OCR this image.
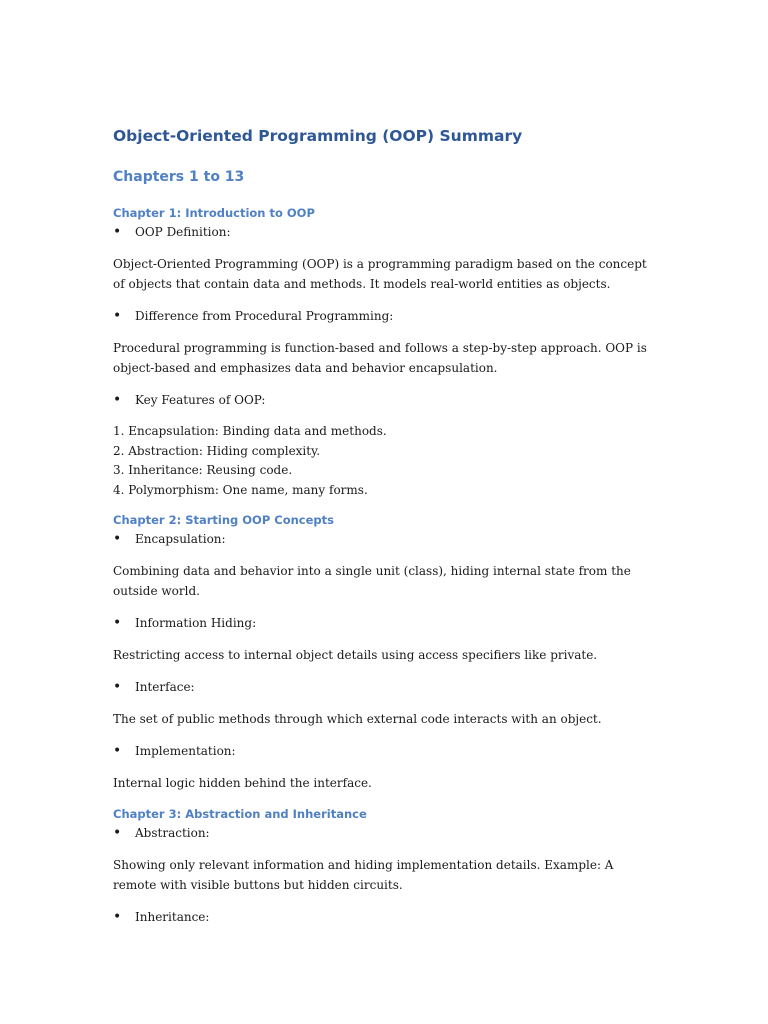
Object-Oriented Programming (OOP) Summary
Chapters 1 to 13
Chapter 1: Introduction to OOP
•	OOP Definition:

Object-Oriented Programming (OOP) is a programming paradigm based on the concept of objects that contain data and methods. It models real-world entities as objects.

•	Difference from Procedural Programming:

Procedural programming is function-based and follows a step-by-step approach. OOP is object-based and emphasizes data and behavior encapsulation.

•	Key Features of OOP:

1. Encapsulation: Binding data and methods.

2. Abstraction: Hiding complexity.

3. Inheritance: Reusing code.

4. Polymorphism: One name, many forms.

Chapter 2: Starting OOP Concepts
•	Encapsulation:

Combining data and behavior into a single unit (class), hiding internal state from the outside world.

•	Information Hiding:

Restricting access to internal object details using access specifiers like private.

•	Interface:

The set of public methods through which external code interacts with an object.

•	Implementation:

Internal logic hidden behind the interface.

Chapter 3: Abstraction and Inheritance
•	Abstraction:

Showing only relevant information and hiding implementation details. Example: A remote with visible buttons but hidden circuits.

•	Inheritance:
